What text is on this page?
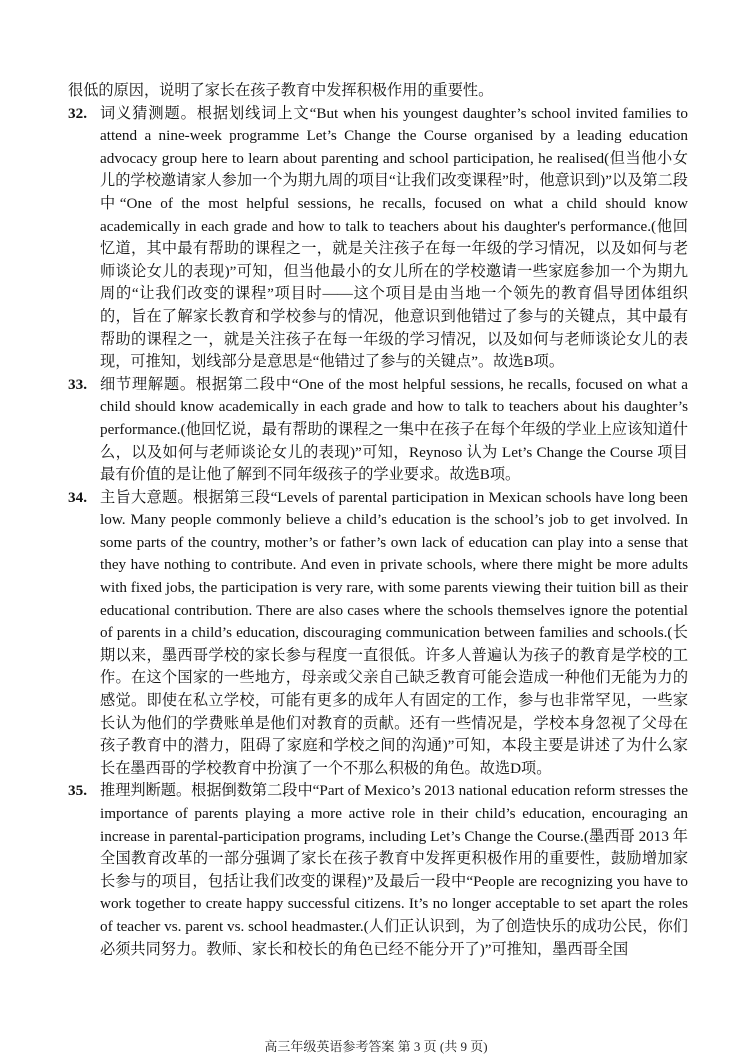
很低的原因，说明了家长在孩子教育中发挥积极作用的重要性。

32. 词义猜测题。根据划线词上文“But when his youngest daughter’s school invited families to attend a nine-week programme Let’s Change the Course organised by a leading education advocacy group here to learn about parenting and school participation, he realised(但当他小女儿的学校邀请家人参加一个为期九周的项目“让我们改变课程”时，他意识到)”以及第二段中“One of the most helpful sessions, he recalls, focused on what a child should know academically in each grade and how to talk to teachers about his daughter's performance.(他回忆道，其中最有帮助的课程之一，就是关注孩子在每一年级的学习情况，以及如何与老师谈论女儿的表现)”可知，但当他最小的女儿所在的学校邀请一些家庭参加一个为期九周的“让我们改变的课程”项目时——这个项目是由当地一个领先的教育倡导团体组织的，旨在了解家长教育和学校参与的情况，他意识到他错过了参与的关键点，其中最有帮助的课程之一，就是关注孩子在每一年级的学习情况，以及如何与老师谈论女儿的表现，可推知，划线部分是意思是“他错过了参与的关键点”。故选B项。
33. 细节理解题。根据第二段中“One of the most helpful sessions, he recalls, focused on what a child should know academically in each grade and how to talk to teachers about his daughter’s performance.(他回忆说，最有帮助的课程之一集中在孩子在每个年级的学业上应该知道什么，以及如何与老师谈论女儿的表现)”可知，Reynoso 认为 Let’s Change the Course 项目最有价值的是让他了解到不同年级孩子的学业要求。故选B项。
34. 主旨大意题。根据第三段“Levels of parental participation in Mexican schools have long been low. Many people commonly believe a child’s education is the school’s job to get involved. In some parts of the country, mother’s or father’s own lack of education can play into a sense that they have nothing to contribute. And even in private schools, where there might be more adults with fixed jobs, the participation is very rare, with some parents viewing their tuition bill as their educational contribution. There are also cases where the schools themselves ignore the potential of parents in a child’s education, discouraging communication between families and schools.(长期以来，墨西哥学校的家长参与程度一直很低。许多人普遍认为孩子的教育是学校的工作。在这个国家的一些地方，母亲或父亲自己缺乏教育可能会造成一种他们无能为力的感觉。即使在私立学校，可能有更多的成年人有固定的工作，参与也非常罕见，一些家长认为他们的学费账单是他们对教育的贡献。还有一些情况是，学校本身忽视了父母在孩子教育中的潜力，阻碍了家庭和学校之间的沟通)”可知，本段主要是讲述了为什么家长在墨西哥的学校教育中扮演了一个不那么积极的角色。故选D项。
35. 推理判断题。根据倒数第二段中“Part of Mexico’s 2013 national education reform stresses the importance of parents playing a more active role in their child’s education, encouraging an increase in parental-participation programs, including Let’s Change the Course.(墨西哥 2013 年全国教育改革的一部分强调了家长在孩子教育中发挥更积极作用的重要性，鼓励增加家长参与的项目，包括让我们改变的课程)”及最后一段中“People are recognizing you have to work together to create happy successful citizens. It’s no longer acceptable to set apart the roles of teacher vs. parent vs. school headmaster.(人们正认识到，为了创造快乐的成功公民，你们必须共同努力。教师、家长和校长的角色已经不能分开了)”可推知，墨西哥全国
高三年级英语参考答案 第 3 页 (共 9 页)
